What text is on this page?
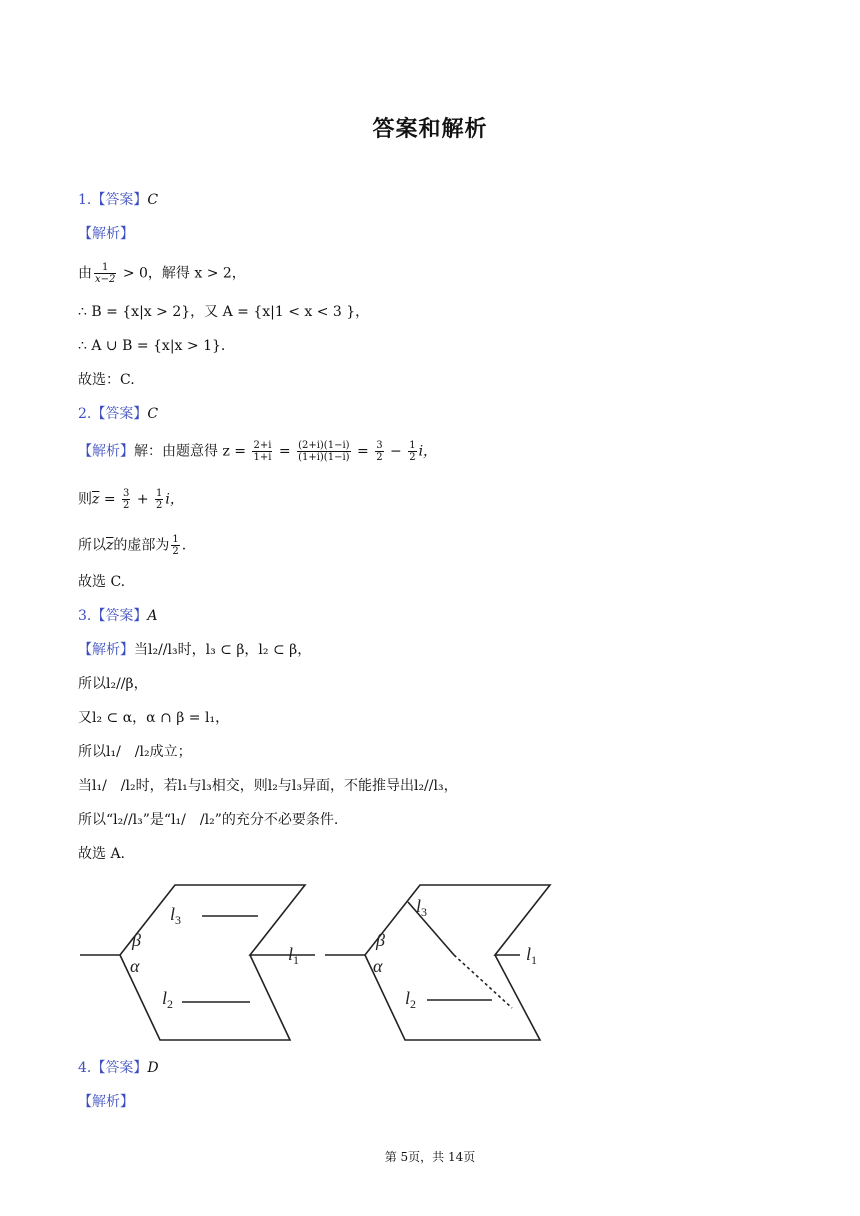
答案和解析
1.【答案】C
【解析】
由 $\frac{1}{x-2} > 0$，解得 x > 2，
∴ B = {x|x > 2}，又 A = {x|1 < x < 3 }，
∴ A ∪ B = {x|x > 1}.
故选：C.
2.【答案】C
【解析】解：由题意得 $z = \frac{2+i}{1+i} = \frac{(2+i)(1-i)}{(1+i)(1-i)} = \frac{3}{2} - \frac{1}{2}$ i，
则$\overline{z} = \frac{3}{2} + \frac{1}{2}$ i，
所以$\overline{z}$的虚部为 $\frac{1}{2}$ .
故选 C.
3.【答案】A
【解析】当l₂//l₃时，l₃ ⊂ β，l₂ ⊂ β，
所以l₂//β，
又l₂ ⊂ α，α ∩ β = l₁，
所以l₁/　/l₂成立；
当l₁/　/l₂时，若l₁与l₃相交，则l₂与l₃异面，不能推导出l₂//l₃，
所以“l₂//l₃”是“l₁/　/l₂”的充分不必要条件.
故选 A.
β
α
$l_3$
$l_2$
$l_1$
β
α
$l_3$
$l_2$
$l_1$
4.【答案】D
【解析】
第 5页，共 14页
